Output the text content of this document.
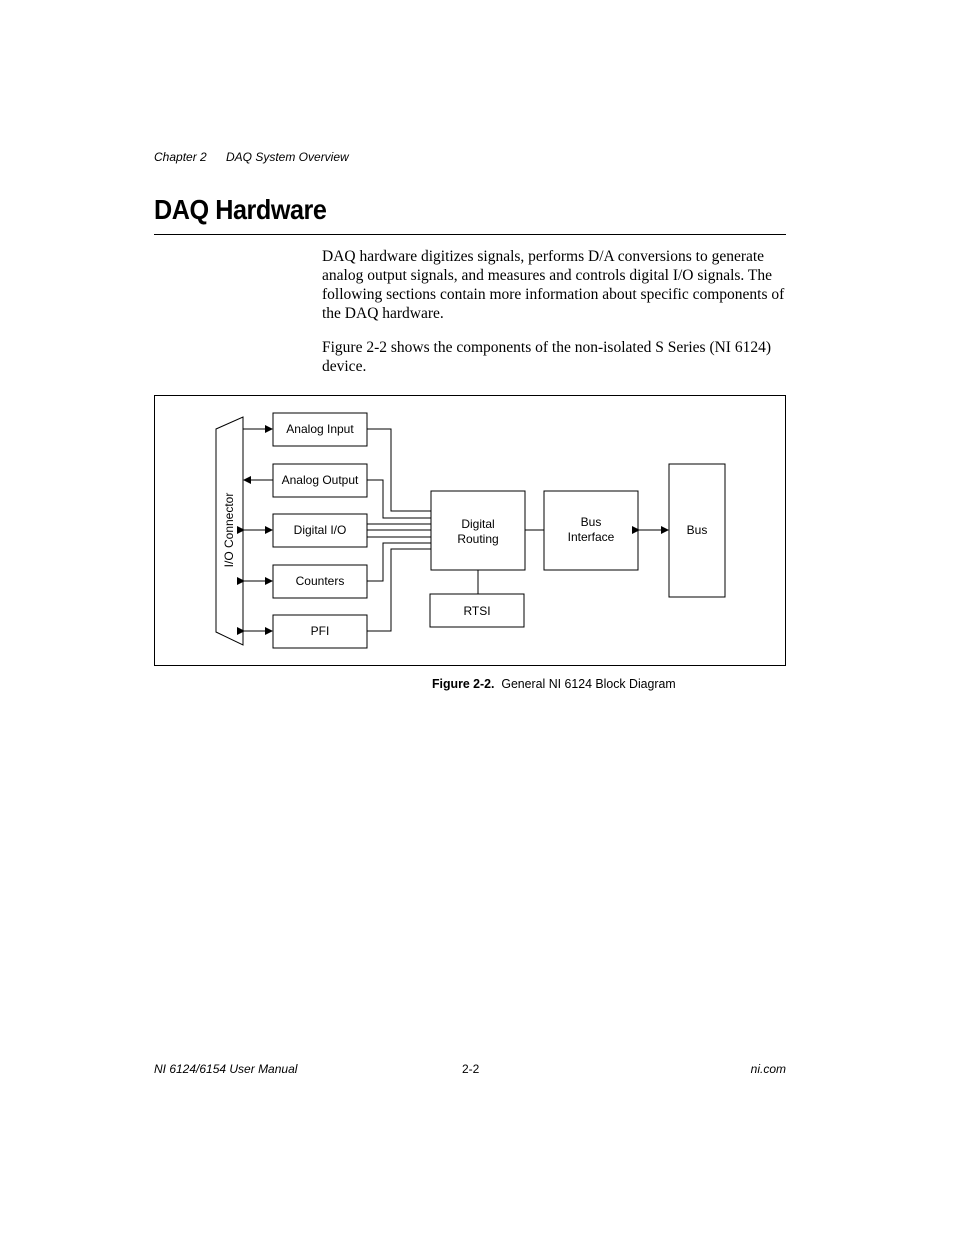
Chapter 2 DAQ System Overview
DAQ Hardware

DAQ hardware digitizes signals, performs D/A conversions to generate analog output signals, and measures and controls digital I/O signals. The following sections contain more information about specific components of the DAQ hardware.

Figure 2-2 shows the components of the non-isolated S Series (NI 6124) device.

I/O Connector
Analog Input
Analog Output
Digital I/O
Counters
PFI
Digital
Routing
RTSI
Bus
Interface	Bus
Figure 2-2. General NI 6124 Block Diagram
NI 6124/6154 User Manual	2-2	ni.com
